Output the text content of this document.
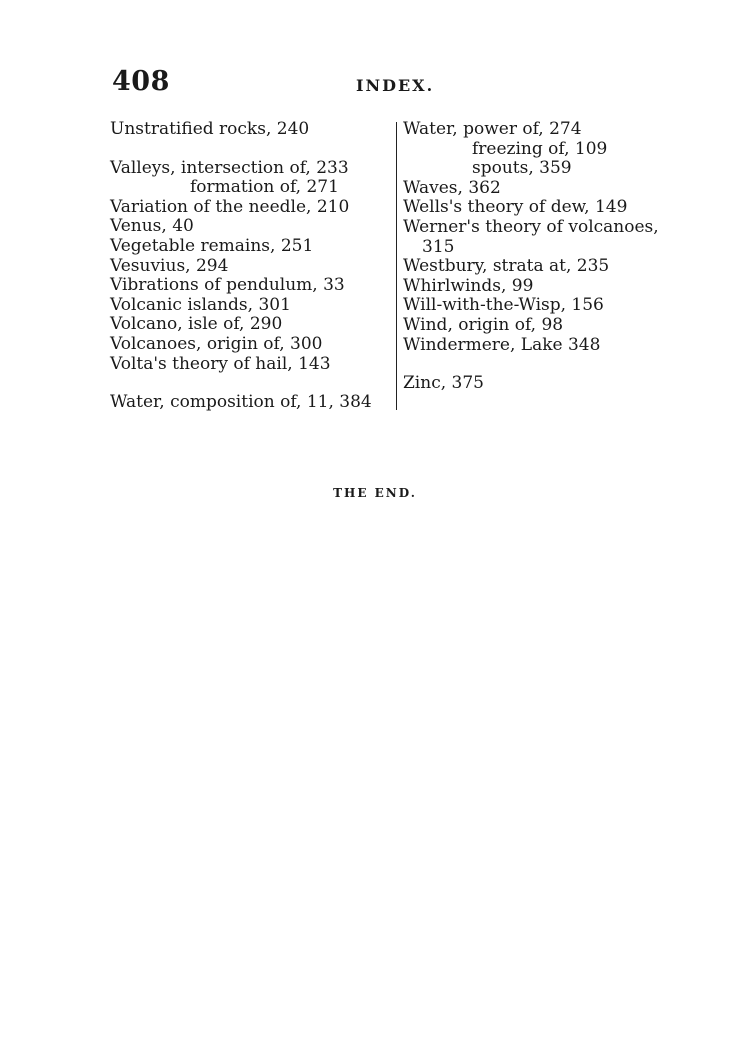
408	INDEX.
Unstratified rocks, 240
Valleys, intersection of, 233
formation of, 271
Variation of the needle, 210
Venus, 40
Vegetable remains, 251
Vesuvius, 294
Vibrations of pendulum, 33
Volcanic islands, 301
Volcano, isle of, 290
Volcanoes, origin of, 300
Volta's theory of hail, 143
Water, composition of, 11, 384
Water, power of, 274
freezing of, 109
spouts, 359
Waves, 362
Wells's theory of dew, 149
Werner's theory of volcanoes,
315
Westbury, strata at, 235
Whirlwinds, 99
Will-with-the-Wisp, 156
Wind, origin of, 98
Windermere, Lake 348
Zinc, 375
THE END.
